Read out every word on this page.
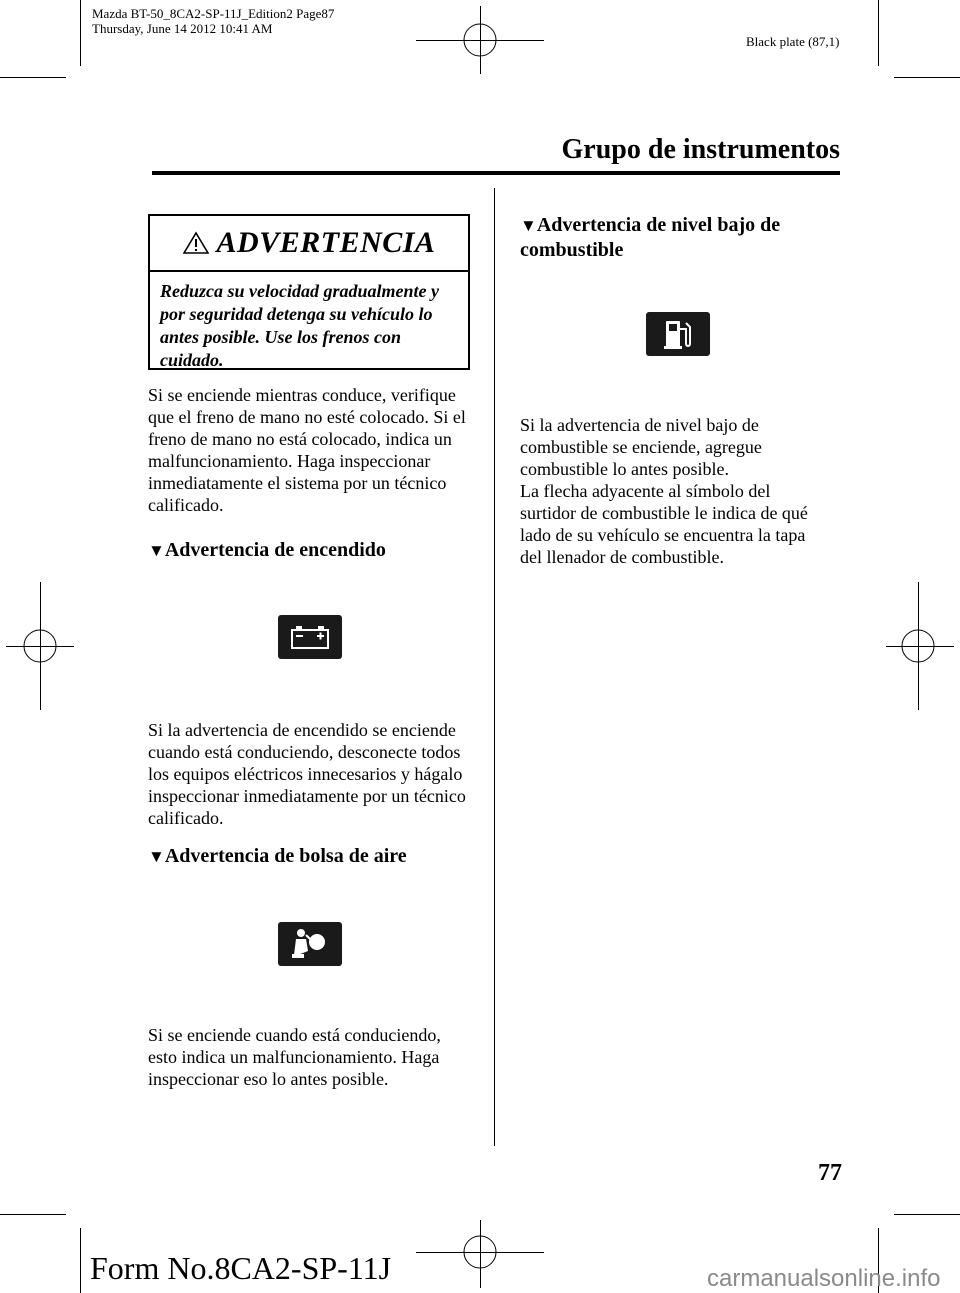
Mazda BT-50_8CA2-SP-11J_Edition2 Page87
Thursday, June 14 2012 10:41 AM
Black plate (87,1)
Grupo de instrumentos
ADVERTENCIA
Reduzca su velocidad gradualmente y por seguridad detenga su vehículo lo antes posible. Use los frenos con cuidado.
Si se enciende mientras conduce, verifique que el freno de mano no esté colocado. Si el freno de mano no está colocado, indica un malfuncionamiento. Haga inspeccionar inmediatamente el sistema por un técnico calificado.
▼Advertencia de encendido
Si la advertencia de encendido se enciende cuando está conduciendo, desconecte todos los equipos eléctricos innecesarios y hágalo inspeccionar inmediatamente por un técnico calificado.
▼Advertencia de bolsa de aire
Si se enciende cuando está conduciendo, esto indica un malfuncionamiento. Haga inspeccionar eso lo antes posible.
▼Advertencia de nivel bajo de combustible
Si la advertencia de nivel bajo de combustible se enciende, agregue combustible lo antes posible.
La flecha adyacente al símbolo del surtidor de combustible le indica de qué lado de su vehículo se encuentra la tapa del llenador de combustible.
77
Form No.8CA2-SP-11J	carmanualsonline.info
